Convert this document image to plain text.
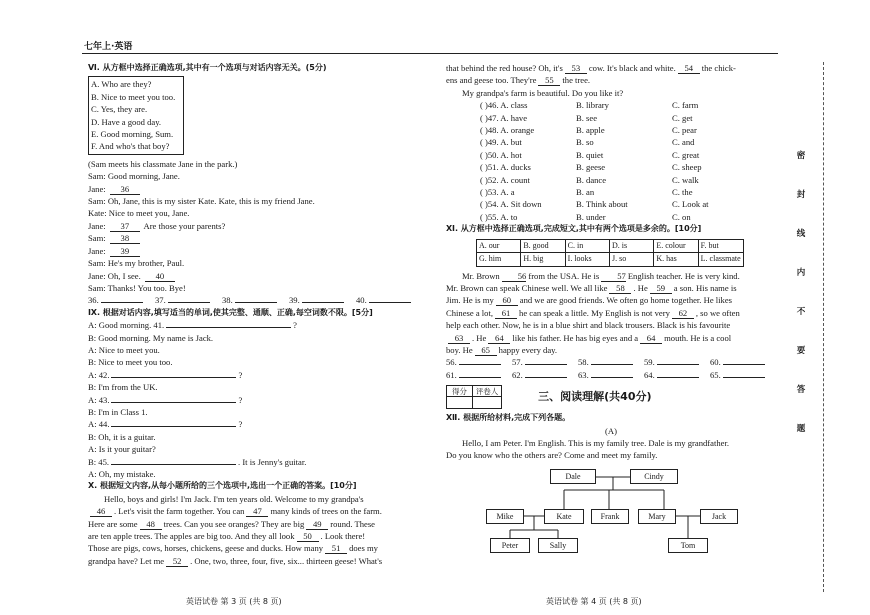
七年上·英语
Ⅵ. 从方框中选择正确选项,其中有一个选项与对话内容无关。(5分)
A. Who are they?
B. Nice to meet you too.
C. Yes, they are.
D. Have a good day.
E. Good morning, Sum.
F. And who's that boy?
(Sam meets his classmate Jane in the park.)
Sam: Good morning, Jane.
Jane: 36
Sam: Oh, Jane, this is my sister Kate. Kate, this is my friend Jane.
Kate: Nice to meet you, Jane.
Jane: 37 Are those your parents?
Sam: 38
Jane: 39
Sam: He's my brother, Paul.
Jane: Oh, I see. 40
Sam: Thanks! You too. Bye!
36.	37.	38.	39.	40.
Ⅸ. 根据对话内容,填写适当的单词,使其完整、通顺、正确,每空词数不限。[5分]
A: Good morning. 41.	?
B: Good morning. My name is Jack.
A: Nice to meet you.
B: Nice to meet you too.
A: 42.	?
B: I'm from the UK.
A: 43.	?
B: I'm in Class 1.
A: 44.	?
B: Oh, it is a guitar.
A: Is it your guitar?
B: 45.	. It is Jenny's guitar.
A: Oh, my mistake.
Ⅹ. 根据短文内容,从每小题所给的三个选项中,选出一个正确的答案。[10分]
Hello, boys and girls! I'm Jack. I'm ten years old. Welcome to my grandpa's
46 . Let's visit the farm together. You can 47 many kinds of trees on the farm.
Here are some 48 trees. Can you see oranges? They are big 49 round. These
are ten apple trees. The apples are big too. And they all look 50 . Look there!
Those are pigs, cows, horses, chickens, geese and ducks. How many 51 does my
grandpa have? Let me 52 . One, two, three, four, five, six... thirteen geese! What's
that behind the red house? Oh, it's 53 cow. It's black and white. 54 the chick-
ens and geese too. They're 55 the tree.
My grandpa's farm is beautiful. Do you like it?
( )46. A. class	B. library	C. farm
( )47. A. have	B. see	C. get
( )48. A. orange	B. apple	C. pear
( )49. A. but	B. so	C. and
( )50. A. hot	B. quiet	C. great
( )51. A. ducks	B. geese	C. sheep
( )52. A. count	B. dance	C. walk
( )53. A. a	B. an	C. the
( )54. A. Sit down	B. Think about	C. Look at
( )55. A. to	B. under	C. on
Ⅺ. 从方框中选择正确选项,完成短文,其中有两个选项是多余的。[10分]
A. our	B. good	C. in	D. is	E. colour	F. but
G. him	H. big	I. looks	J. so	K. has	L. classmate
Mr. Brown 56 from the USA. He is 57 English teacher. He is very kind.
Mr. Brown can speak Chinese well. We all like 58 . He 59 a son. His name is
Jim. He is my 60 and we are good friends. We often go home together. He likes
Chinese a lot, 61 he can speak a little. My English is not very 62 , so we often
help each other. Now, he is in a blue shirt and black trousers. Black is his favourite
63 . He 64 like his father. He has big eyes and a 64 mouth. He is a cool
boy. He 65 happy every day.
56.	57.	58.	59.	60.
61.	62.	63.	64.	65.
得分	评卷人	三、阅读理解(共40分)
Ⅻ. 根据所给材料,完成下列各题。
(A)
Hello, I am Peter. I'm English. This is my family tree. Dale is my grandfather.
Do you know who the others are? Come and meet my family.
Dale	Cindy
Mike	Kate	Frank	Mary	Jack
Peter	Sally	Tom
英语试卷 第 3 页 (共 8 页)	英语试卷 第 4 页 (共 8 页)
密
封
线
内
不
要
答
题
